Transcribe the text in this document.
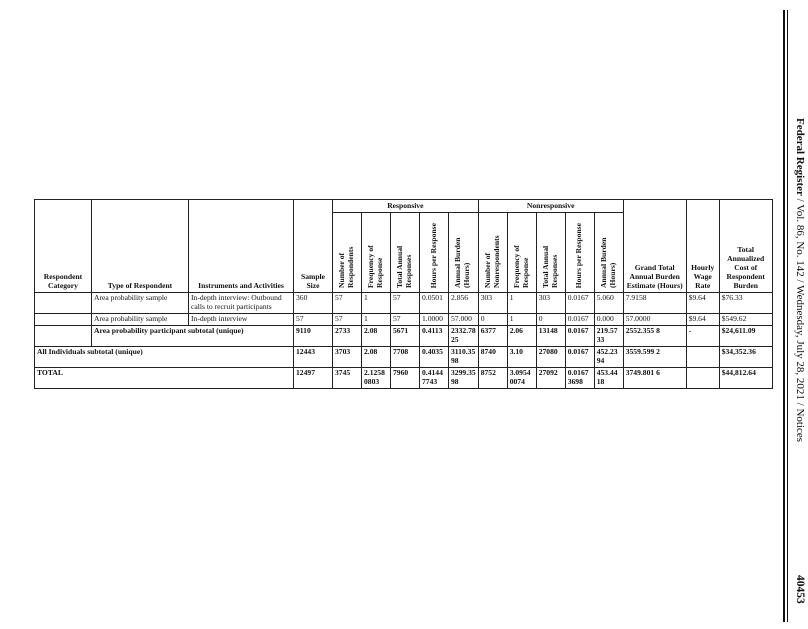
Respondent Category	Type of Respondent	Instruments and Activities	Sample Size	Responsive					Nonresponsive					Grand Total Annual Burden Estimate (Hours)	Hourly Wage Rate	Total Annualized Cost of Respondent Burden
				Number of Respondents	Frequency of Response	Total Annual Responses	Hours per Response	Annual Burden (Hours)	Number of Nonrespondents	Frequency of Response	Total Annual Responses	Hours per Response	Annual Burden (Hours)			
	Area probability sample	In-depth interview: Outbound calls to recruit participants	360	57	1	57	0.0501	2.856	303	1	303	0.0167	5.060	7.9158	$9.64	$76.33
	Area probability sample	In-depth interview	57	57	1	57	1.0000	57.000	0	1	0	0.0167	0.000	57.0000	$9.64	$549.62
	Area probability participant subtotal (unique)		9110	2733	2.08	5671	0.4113	2332.78 25	6377	2.06	13148	0.0167	219.57 33	2552.355 8	-	$24,611.09
All Individuals subtotal (unique)			12443	3703	2.08	7708	0.4035	3110.35 98	8740	3.10	27080	0.0167	452.23 94	3559.599 2		$34,352.36
TOTAL			12497	3745	2.1258 0803	7960	0.4144 7743	3299.35 98	8752	3.0954 0074	27092	0.0167 3698	453.44 18	3749.801 6		$44,812.64
Federal Register / Vol. 86, No. 142 / Wednesday, July 28, 2021 / Notices
40453
